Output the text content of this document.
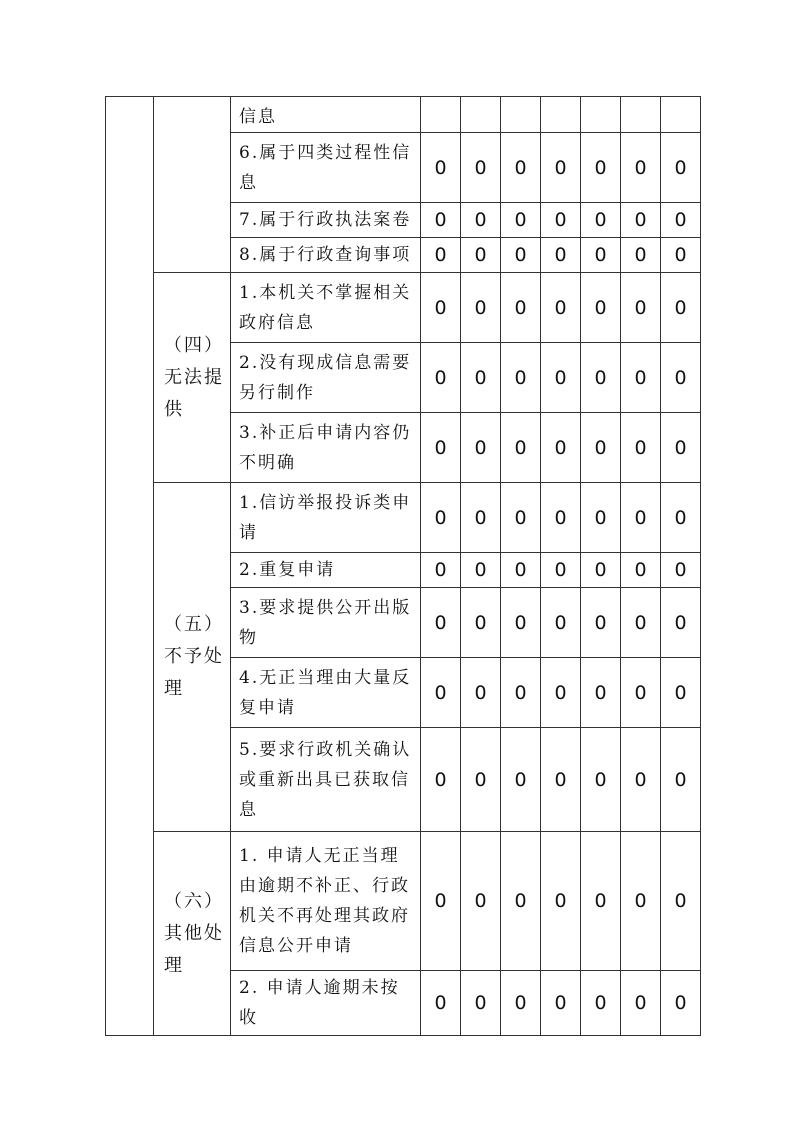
		信息							
		6.属于四类过程性信息	0	0	0	0	0	0	0
		7.属于行政执法案卷	0	0	0	0	0	0	0
		8.属于行政查询事项	0	0	0	0	0	0	0
	（四）无法提供	1.本机关不掌握相关政府信息	0	0	0	0	0	0	0
		2.没有现成信息需要另行制作	0	0	0	0	0	0	0
		3.补正后申请内容仍不明确	0	0	0	0	0	0	0
	（五）不予处理	1.信访举报投诉类申请	0	0	0	0	0	0	0
		2.重复申请	0	0	0	0	0	0	0
		3.要求提供公开出版物	0	0	0	0	0	0	0
		4.无正当理由大量反复申请	0	0	0	0	0	0	0
		5.要求行政机关确认或重新出具已获取信息	0	0	0	0	0	0	0
	（六）其他处理	1. 申请人无正当理由逾期不补正、行政机关不再处理其政府信息公开申请	0	0	0	0	0	0	0
		2. 申请人逾期未按收	0	0	0	0	0	0	0
